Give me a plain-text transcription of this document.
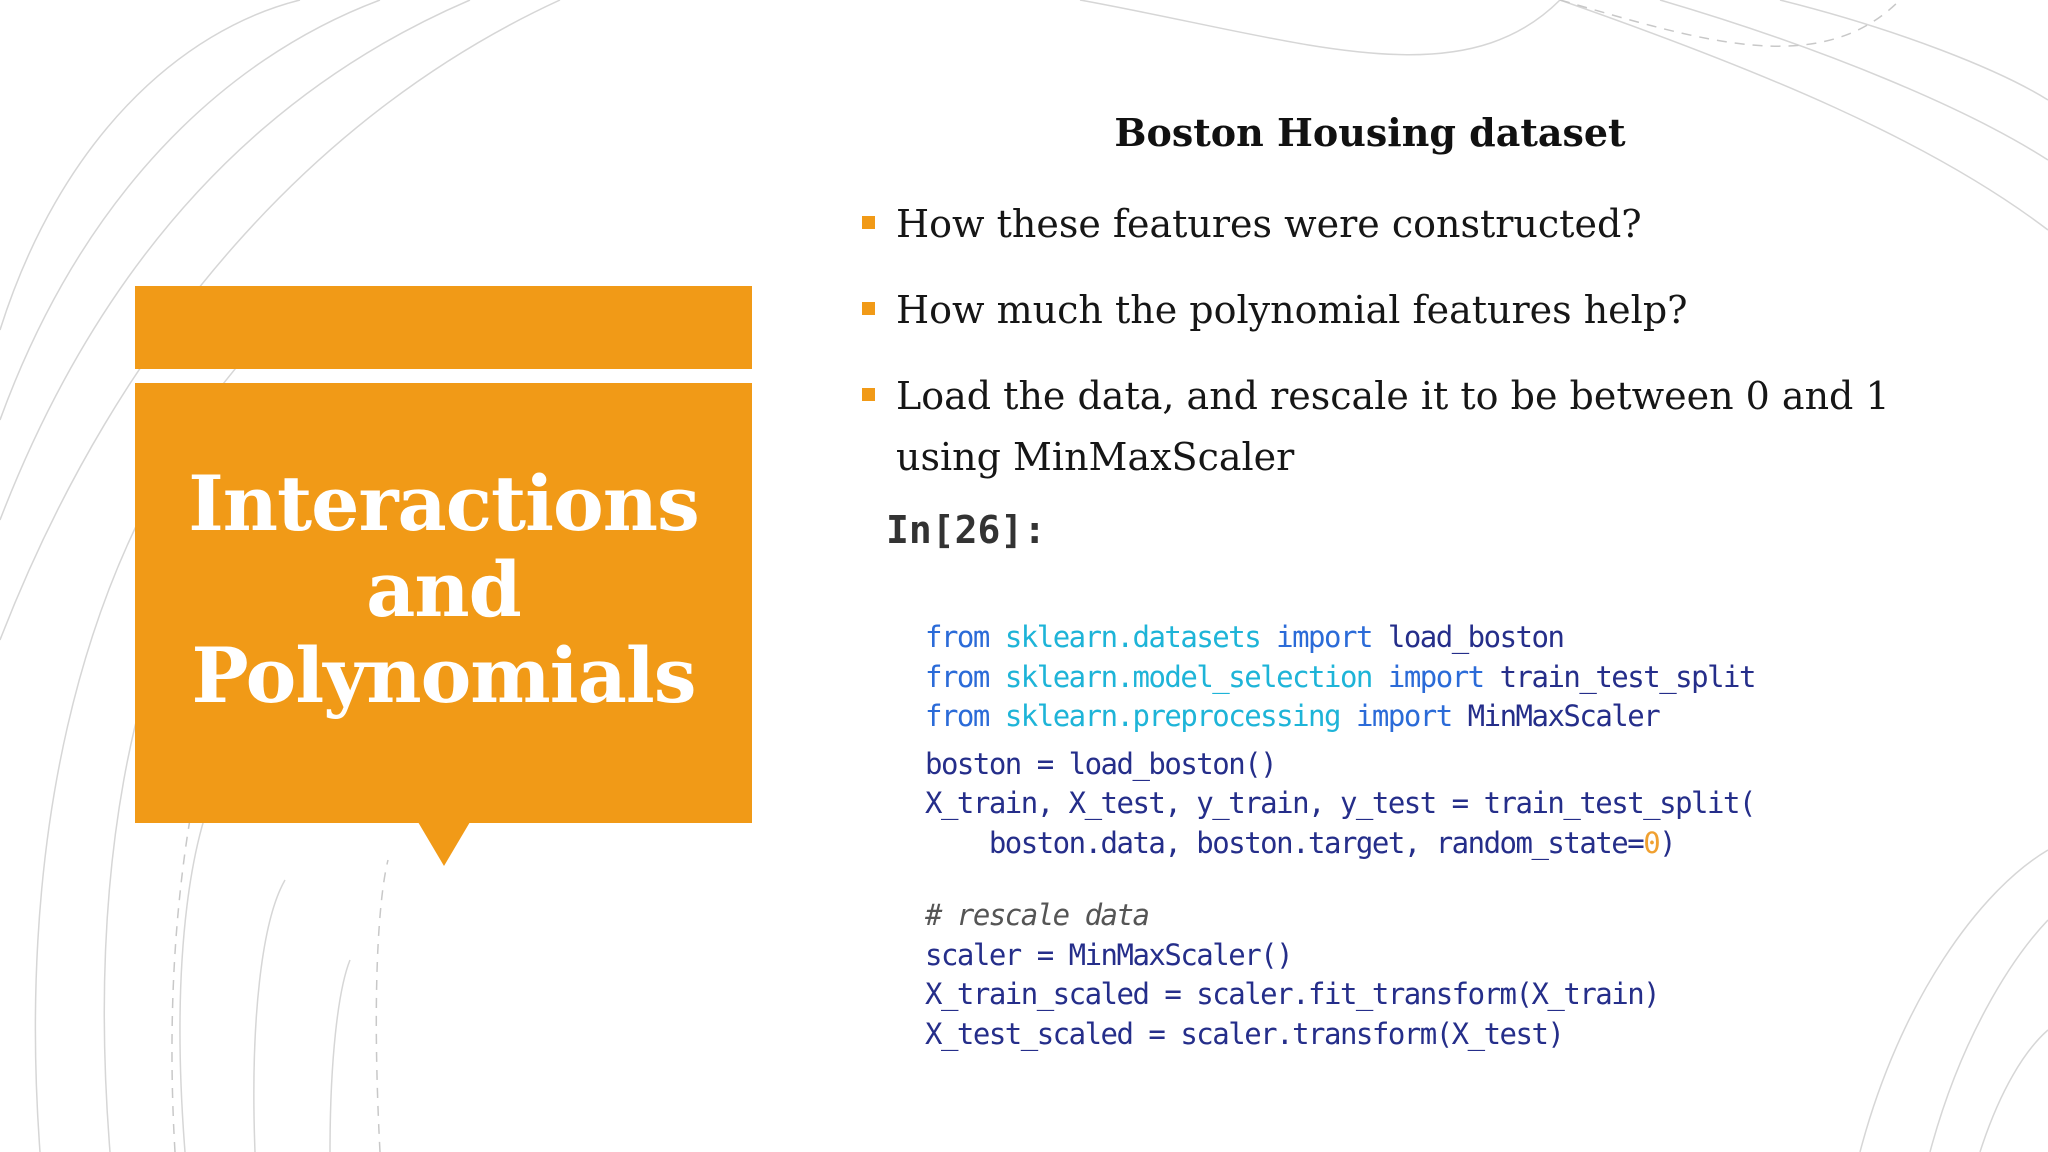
Interactions
and
Polynomials
Boston Housing dataset
How these features were constructed?
How much the polynomial features help?
Load the data, and rescale it to be between 0 and 1 using MinMaxScaler
In[26]:
from sklearn.datasets import load_boston
from sklearn.model_selection import train_test_split
from sklearn.preprocessing import MinMaxScaler
boston = load_boston()
X_train, X_test, y_train, y_test = train_test_split(
boston.data, boston.target, random_state=0)
# rescale data
scaler = MinMaxScaler()
X_train_scaled = scaler.fit_transform(X_train)
X_test_scaled = scaler.transform(X_test)
